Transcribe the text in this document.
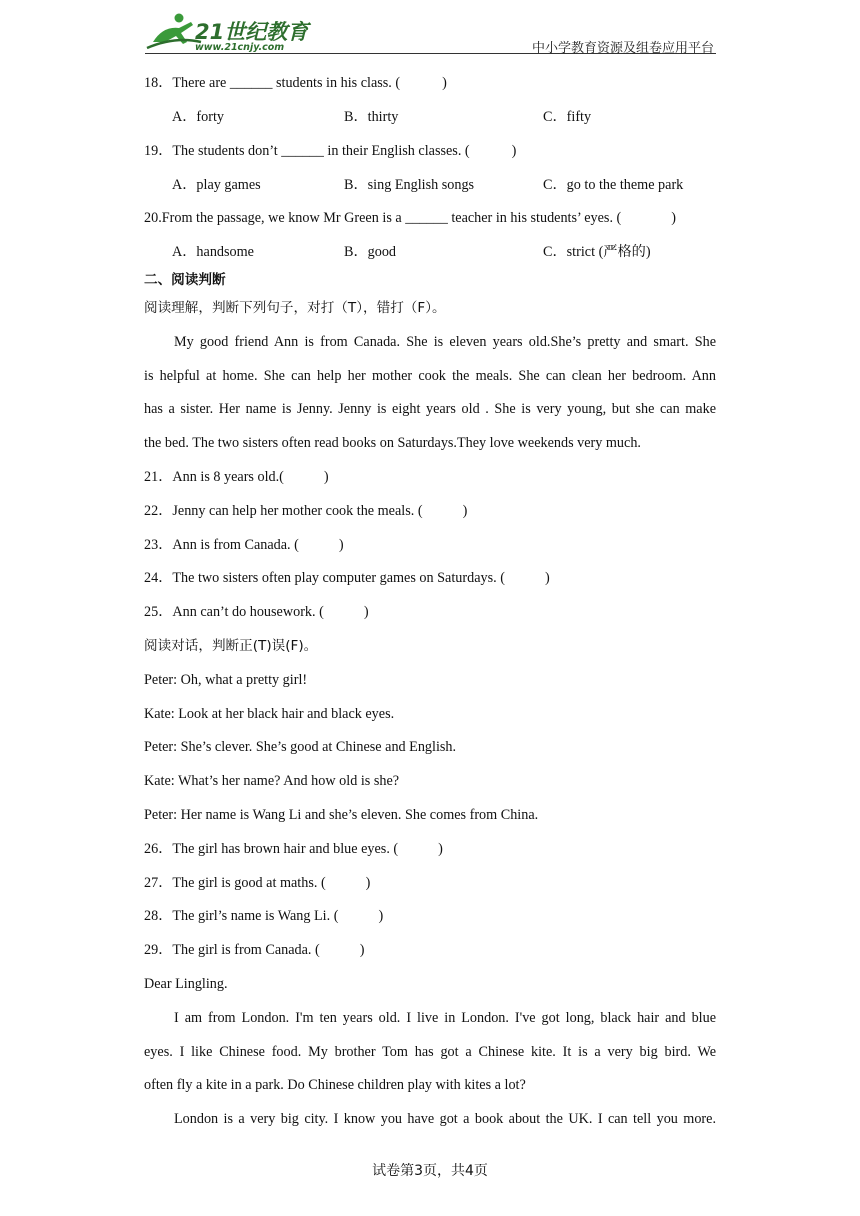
21世纪教育
www.21cnjy.com	中小学教育资源及组卷应用平台
18．There are ______ students in his class. (	)
A．forty	B．thirty	C．fifty
19．The students don’t ______ in their English classes. (	)
A．play games	B．sing English songs	C．go to the theme park
20.From the passage, we know Mr Green is a ______ teacher in his students’ eyes. (	)
A．handsome	B．good	C．strict (严格的)
二、阅读判断
阅读理解，判断下列句子，对打（T），错打（F）。
My good friend Ann is from Canada. She is eleven years old.She’s pretty and smart. She
is helpful at home. She can help her mother cook the meals. She can clean her bedroom. Ann
has a sister. Her name is Jenny. Jenny is eight years old . She is very young, but she can make
the bed. The two sisters often read books on Saturdays.They love weekends very much.
21．Ann is 8 years old.(	)
22．Jenny can help her mother cook the meals. (	)
23．Ann is from Canada. (	)
24．The two sisters often play computer games on Saturdays. (	)
25．Ann can’t do housework. (	)
阅读对话，判断正(T)误(F)。
Peter: Oh, what a pretty girl!
Kate: Look at her black hair and black eyes.
Peter: She’s clever. She’s good at Chinese and English.
Kate: What’s her name? And how old is she?
Peter: Her name is Wang Li and she’s eleven. She comes from China.
26．The girl has brown hair and blue eyes. (	)
27．The girl is good at maths. (	)
28．The girl’s name is Wang Li. (	)
29．The girl is from Canada. (	)
Dear Lingling.
I am from London. I'm ten years old. I live in London. I've got long, black hair and blue
eyes. I like Chinese food. My brother Tom has got a Chinese kite. It is a very big bird. We
often fly a kite in a park. Do Chinese children play with kites a lot?
London is a very big city. I know you have got a book about the UK. I can tell you more.
试卷第3页，共4页
